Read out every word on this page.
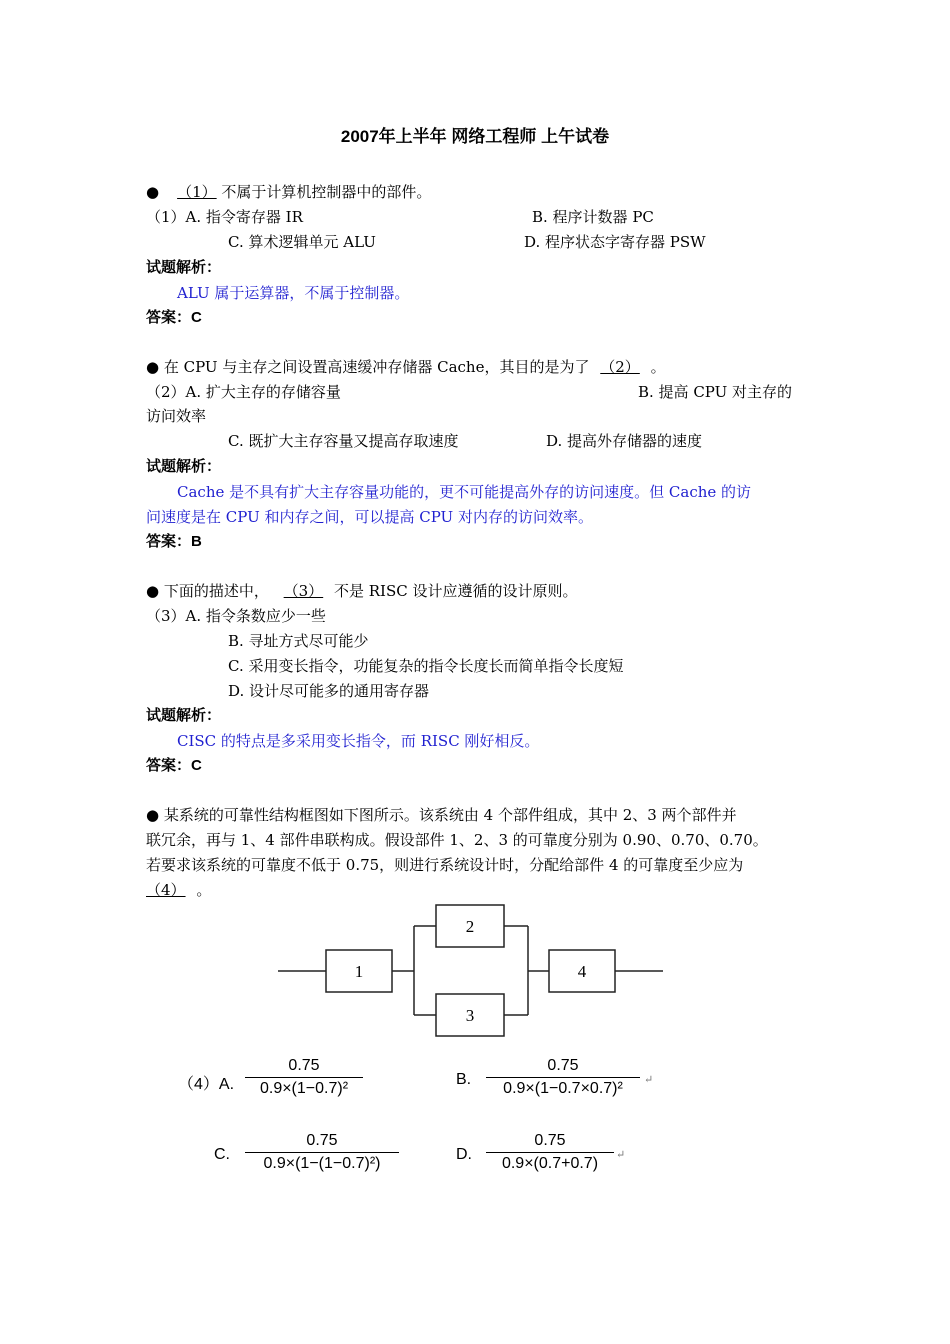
2007年上半年 网络工程师 上午试卷
● （1） 不属于计算机控制器中的部件。
（1）A. 指令寄存器 IR	B. 程序计数器 PC
C. 算术逻辑单元 ALU	D. 程序状态字寄存器 PSW
试题解析：
ALU 属于运算器，不属于控制器。
答案：C
● 在 CPU 与主存之间设置高速缓冲存储器 Cache，其目的是为了 （2） 。
（2）A. 扩大主存的存储容量	B. 提高 CPU 对主存的
访问效率
C. 既扩大主存容量又提高存取速度	D. 提高外存储器的速度
试题解析：
Cache 是不具有扩大主存容量功能的，更不可能提高外存的访问速度。但 Cache 的访
问速度是在 CPU 和内存之间，可以提高 CPU 对内存的访问效率。
答案：B
● 下面的描述中， （3） 不是 RISC 设计应遵循的设计原则。
（3）A. 指令条数应少一些
B. 寻址方式尽可能少
C. 采用变长指令，功能复杂的指令长度长而简单指令长度短
D. 设计尽可能多的通用寄存器
试题解析：
CISC 的特点是多采用变长指令，而 RISC 刚好相反。
答案：C
● 某系统的可靠性结构框图如下图所示。该系统由 4 个部件组成，其中 2、3 两个部件并
联冗余，再与 1、4 部件串联构成。假设部件 1、2、3 的可靠度分别为 0.90、0.70、0.70。
若要求该系统的可靠度不低于 0.75，则进行系统设计时，分配给部件 4 的可靠度至少应为
（4） 。
1
2
3
4
（4）A. $\frac{0.75}{\text{0.9×(1−0.7)²}}$	B. $\frac{0.75}{\text{0.9×(1−0.7×0.7)²}}$ ↵
C. $\frac{0.75}{\text{0.9×(1−(1−0.7)²)}}$	D. $\frac{0.75}{0.9\times(0.7+0.7)}$ ↵
